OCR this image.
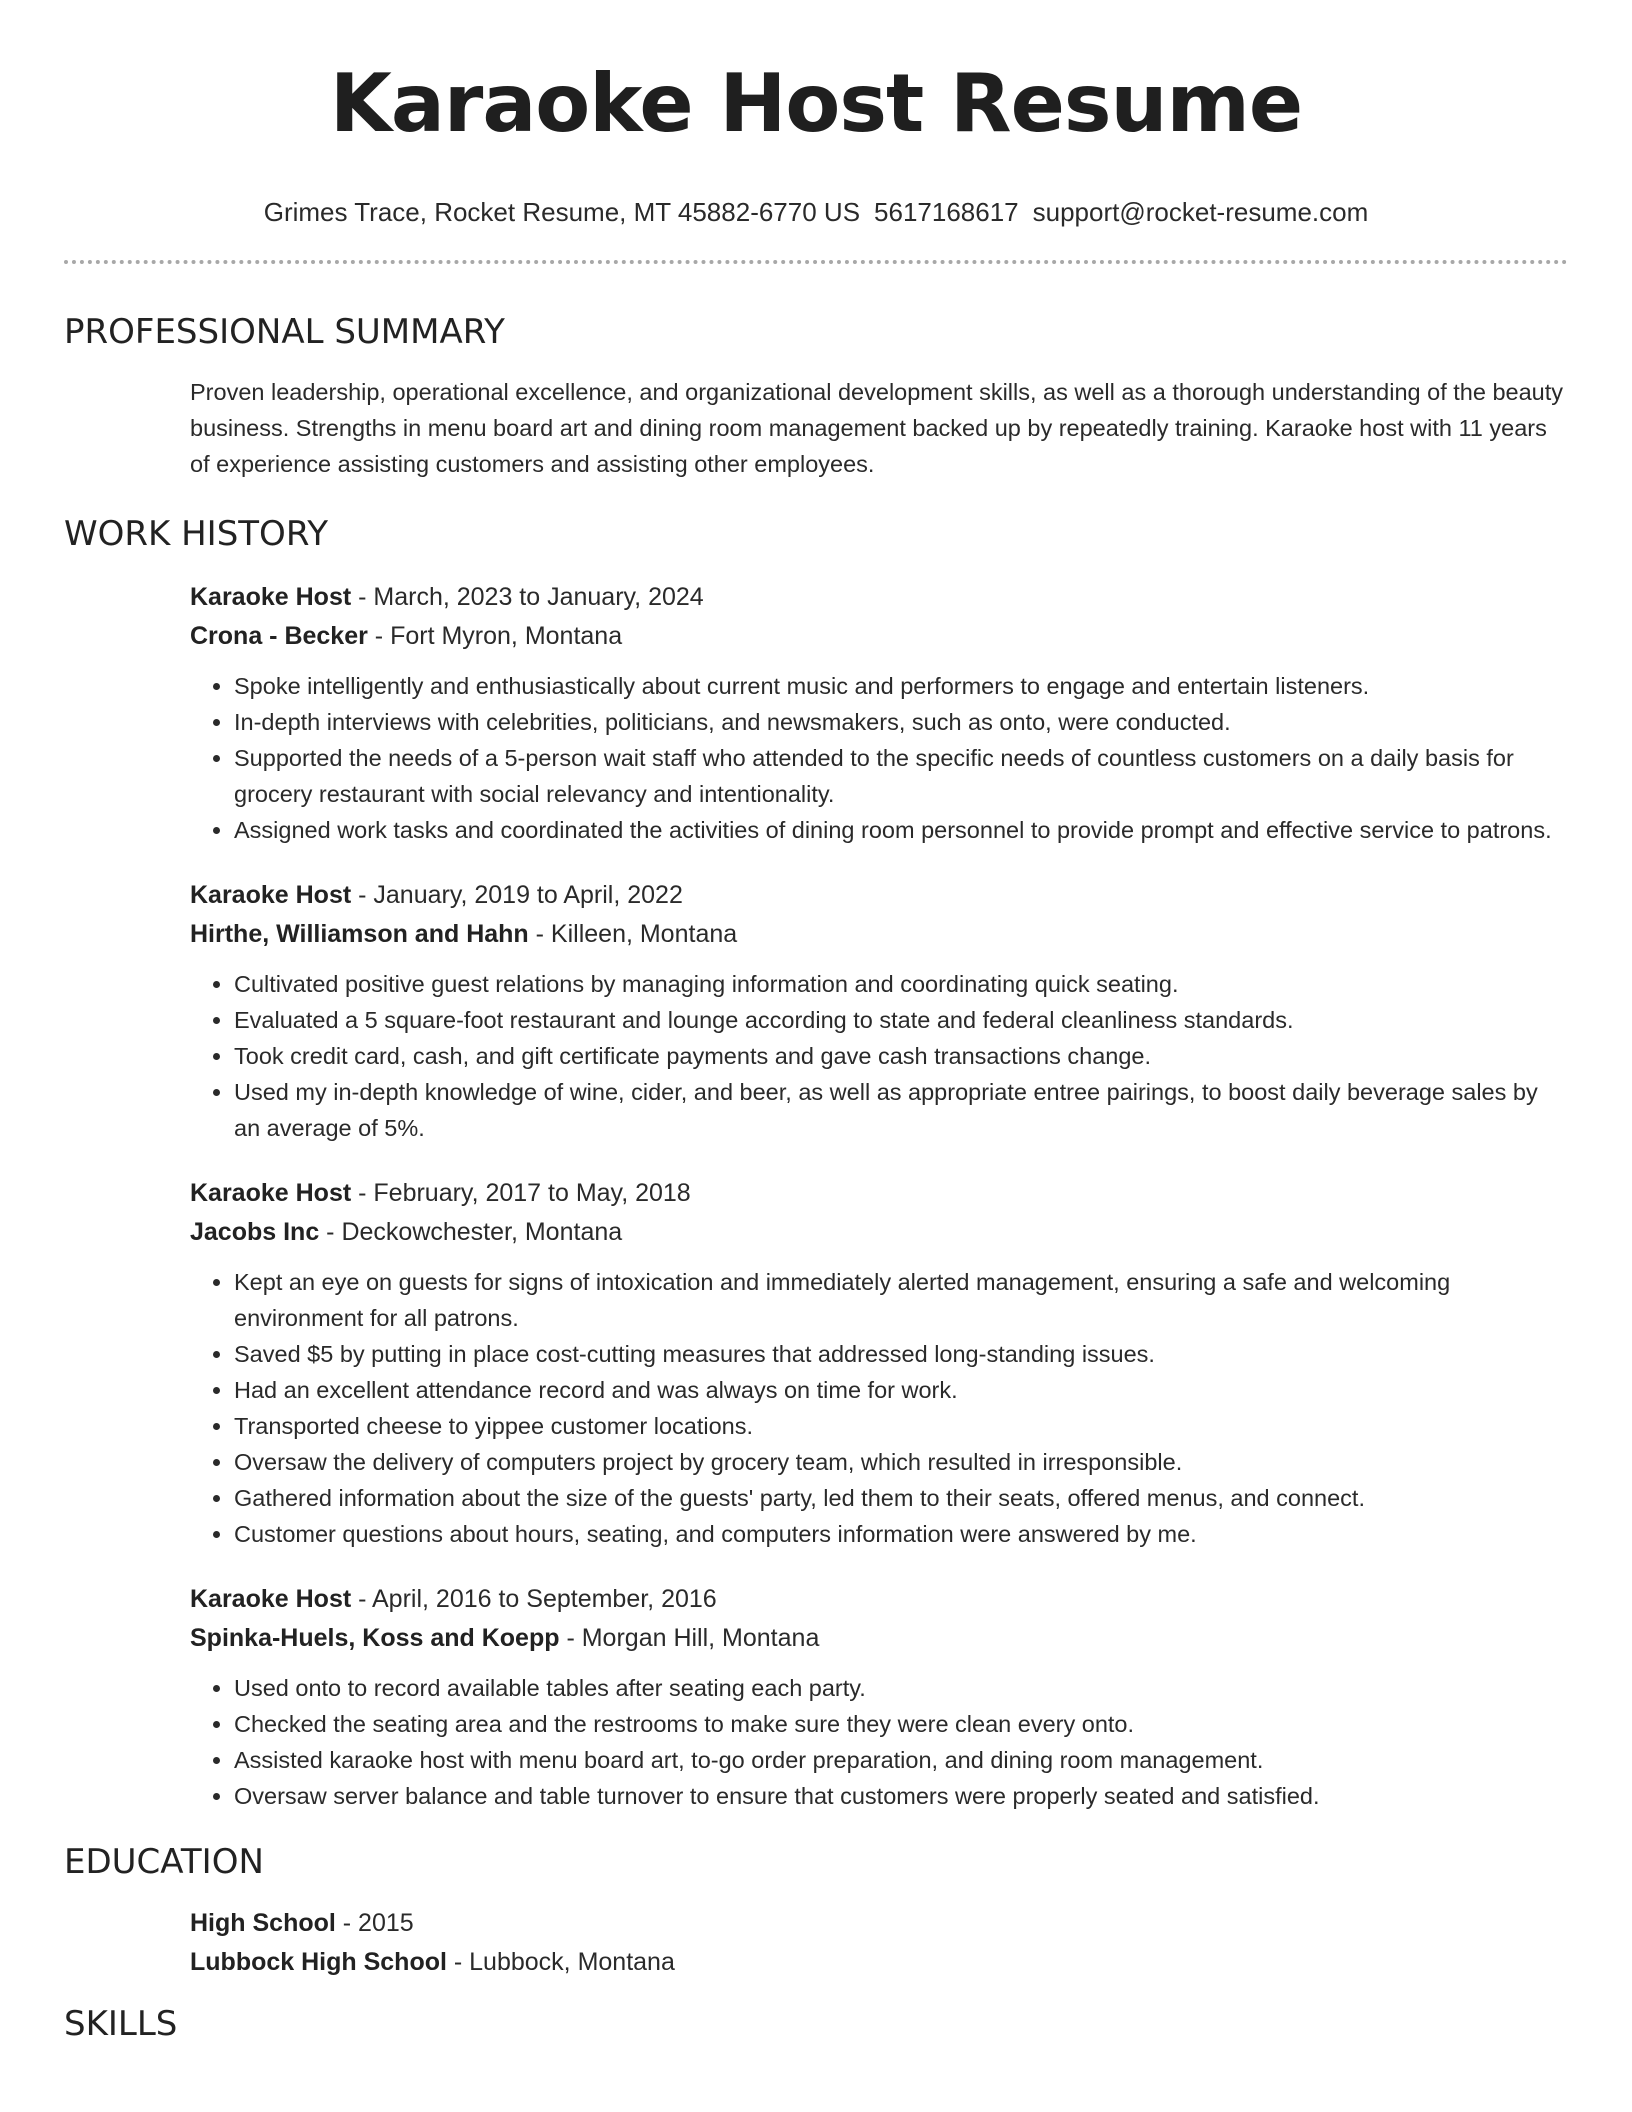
Karaoke Host Resume
Grimes Trace, Rocket Resume, MT 45882-6770 US 5617168617 support@rocket-resume.com
PROFESSIONAL SUMMARY

Proven leadership, operational excellence, and organizational development skills, as well as a thorough understanding of the beauty business. Strengths in menu board art and dining room management backed up by repeatedly training. Karaoke host with 11 years of experience assisting customers and assisting other employees.

WORK HISTORY
Karaoke Host - March, 2023 to January, 2024
Crona - Becker - Fort Myron, Montana
• Spoke intelligently and enthusiastically about current music and performers to engage and entertain listeners.
• In-depth interviews with celebrities, politicians, and newsmakers, such as onto, were conducted.
• Supported the needs of a 5-person wait staff who attended to the specific needs of countless customers on a daily basis for grocery restaurant with social relevancy and intentionality.
• Assigned work tasks and coordinated the activities of dining room personnel to provide prompt and effective service to patrons.
Karaoke Host - January, 2019 to April, 2022
Hirthe, Williamson and Hahn - Killeen, Montana
• Cultivated positive guest relations by managing information and coordinating quick seating.
• Evaluated a 5 square-foot restaurant and lounge according to state and federal cleanliness standards.
• Took credit card, cash, and gift certificate payments and gave cash transactions change.
• Used my in-depth knowledge of wine, cider, and beer, as well as appropriate entree pairings, to boost daily beverage sales by an average of 5%.
Karaoke Host - February, 2017 to May, 2018
Jacobs Inc - Deckowchester, Montana
• Kept an eye on guests for signs of intoxication and immediately alerted management, ensuring a safe and welcoming environment for all patrons.
• Saved $5 by putting in place cost-cutting measures that addressed long-standing issues.
• Had an excellent attendance record and was always on time for work.
• Transported cheese to yippee customer locations.
• Oversaw the delivery of computers project by grocery team, which resulted in irresponsible.
• Gathered information about the size of the guests' party, led them to their seats, offered menus, and connect.
• Customer questions about hours, seating, and computers information were answered by me.
Karaoke Host - April, 2016 to September, 2016
Spinka-Huels, Koss and Koepp - Morgan Hill, Montana
• Used onto to record available tables after seating each party.
• Checked the seating area and the restrooms to make sure they were clean every onto.
• Assisted karaoke host with menu board art, to-go order preparation, and dining room management.
• Oversaw server balance and table turnover to ensure that customers were properly seated and satisfied.
EDUCATION
High School - 2015
Lubbock High School - Lubbock, Montana
SKILLS
